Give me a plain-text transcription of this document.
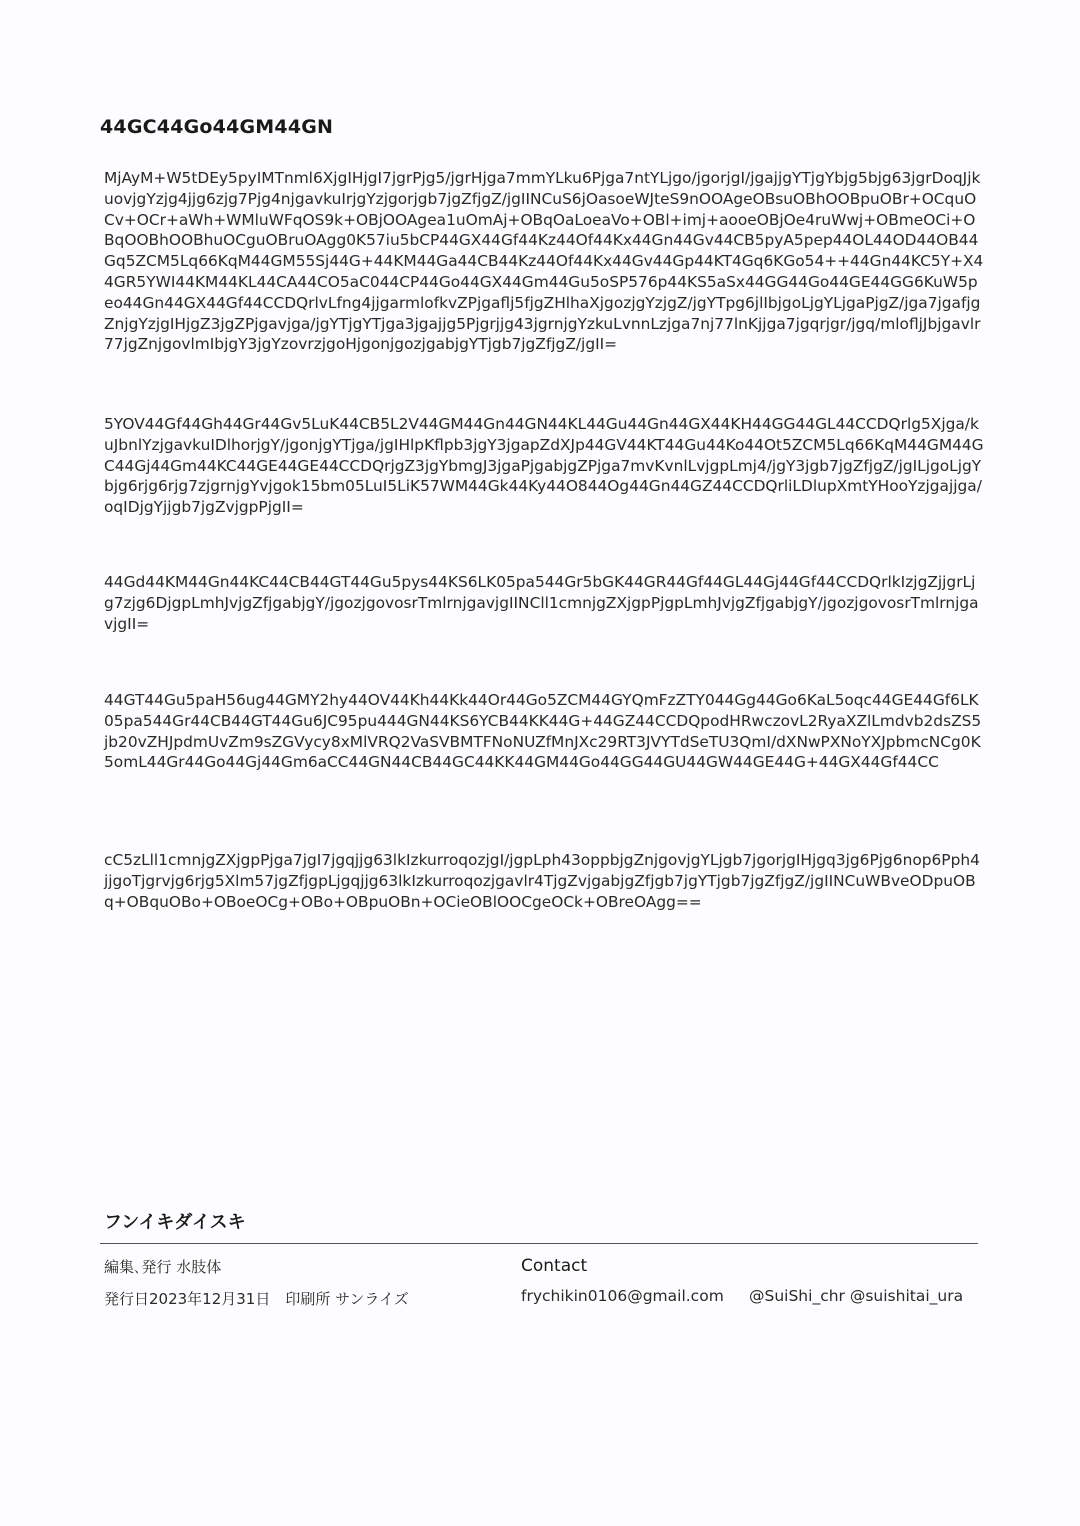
44GC44Go44GM44GN
MjAyM+W5tDEy5pyIMTnml6XjgIHjgI7jgrPjg5/jgrHjga7mmYLku6Pjga7ntYLjgo/jgorjgI/jgajjgYTjgYbjg5bjg63jgrDoqJjkuovjgYzjg4jjg6zjg7Pjg4njgavkuIrjgYzjgorjgb7jgZfjgZ/jgIINCuS6jOasoeWJteS9nOOAgeOBsuOBhOOBpuOBr+OCquOCv+OCr+aWh+WMluWFqOS9k+OBjOOAgea1uOmAj+OBqOaLoeaVo+OBl+imj+aooeOBjOe4ruWwj+OBmeOCi+OBqOOBhOOBhuOCguOBruOAgg0K57iu5bCP44GX44Gf44Kz44Of44Kx44Gn44Gv44CB5pyA5pep44OL44OD44OB44Gq5ZCM5Lq66KqM44GM55Sj44G+44KM44Ga44CB44Kz44Of44Kx44Gv44Gp44KT4Gq6KGo54++44Gn44KC5Y+X44GR5YWI44KM44KL44CA44CO5aC044CP44Go44GX44Gm44Gu5oSP576p44KS5aSx44GG44Go44GE44GG6KuW5peo44Gn44GX44Gf44CCDQrlvLfng4jjgarmlofkvZPjgaflj5fjgZHlhaXjgozjgYzjgZ/jgYTpg6jlIbjgoLjgYLjgaPjgZ/jga7jgafjgZnjgYzjgIHjgZ3jgZPjgavjga/jgYTjgYTjga3jgajjg5Pjgrjjg43jgrnjgYzkuLvnnLzjga7nj77lnKjjga7jgqrjgr/jgq/mlofljJbjgavlr77jgZnjgovlmIbjgY3jgYzovrzjgoHjgonjgozjgabjgYTjgb7jgZfjgZ/jgII=
5YOV44Gf44Gh44Gr44Gv5LuK44CB5L2V44GM44Gn44GN44KL44Gu44Gn44GX44KH44GG44GL44CCDQrlg5Xjga/kuJbnlYzjgavkuIDlhorjgY/jgonjgYTjga/jgIHlpKflpb3jgY3jgapZdXJp44GV44KT44Gu44Ko44Ot5ZCM5Lq66KqM44GM44GC44Gj44Gm44KC44GE44GE44CCDQrjgZ3jgYbmgJ3jgaPjgabjgZPjga7mvKvnlLvjgpLmj4/jgY3jgb7jgZfjgZ/jgILjgoLjgYbjg6rjg6rjg7zjgrnjgYvjgok15bm05LuI5LiK57WM44Gk44Ky44O844Og44Gn44GZ44CCDQrliLDlupXmtYHooYzjgajjga/oqIDjgYjjgb7jgZvjgpPjgII=
44Gd44KM44Gn44KC44CB44GT44Gu5pys44KS6LK05pa544Gr5bGK44GR44Gf44GL44Gj44Gf44CCDQrlkIzjgZjjgrLjg7zjg6DjgpLmhJvjgZfjgabjgY/jgozjgovosrTmlrnjgavjgIINCll1cmnjgZXjgpPjgpLmhJvjgZfjgabjgY/jgozjgovosrTmlrnjgavjgII=
44GT44Gu5paH56ug44GMY2hy44OV44Kh44Kk44Or44Go5ZCM44GYQmFzZTY044Gg44Go6KaL5oqc44GE44Gf6LK05pa544Gr44CB44GT44Gu6JC95pu444GN44KS6YCB44KK44G+44GZ44CCDQpodHRwczovL2RyaXZlLmdvb2dsZS5jb20vZHJpdmUvZm9sZGVycy8xMlVRQ2VaSVBMTFNoNUZfMnJXc29RT3JVYTdSeTU3QmI/dXNwPXNoYXJpbmcNCg0K5omL44Gr44Go44Gj44Gm6aCC44GN44CB44GC44KK44GM44Go44GG44GU44GW44GE44G+44GX44Gf44CC
cC5zLll1cmnjgZXjgpPjga7jgI7jgqjjg63lkIzkurroqozjgI/jgpLph43oppbjgZnjgovjgYLjgb7jgorjgIHjgq3jg6Pjg6nop6Pph4jjgoTjgrvjg6rjg5Xlm57jgZfjgpLjgqjjg63lkIzkurroqozjgavlr4TjgZvjgabjgZfjgb7jgYTjgb7jgZfjgZ/jgIINCuWBveODpuOBq+OBquOBo+OBoeOCg+OBo+OBpuOBn+OCieOBlOOCgeOCk+OBreOAgg==
フンイキダイスキ
編集､発行 水肢体
発行日2023年12月31日　印刷所 サンライズ
Contact
frychikin0106@gmail.com @SuiShi_chr @suishitai_ura
